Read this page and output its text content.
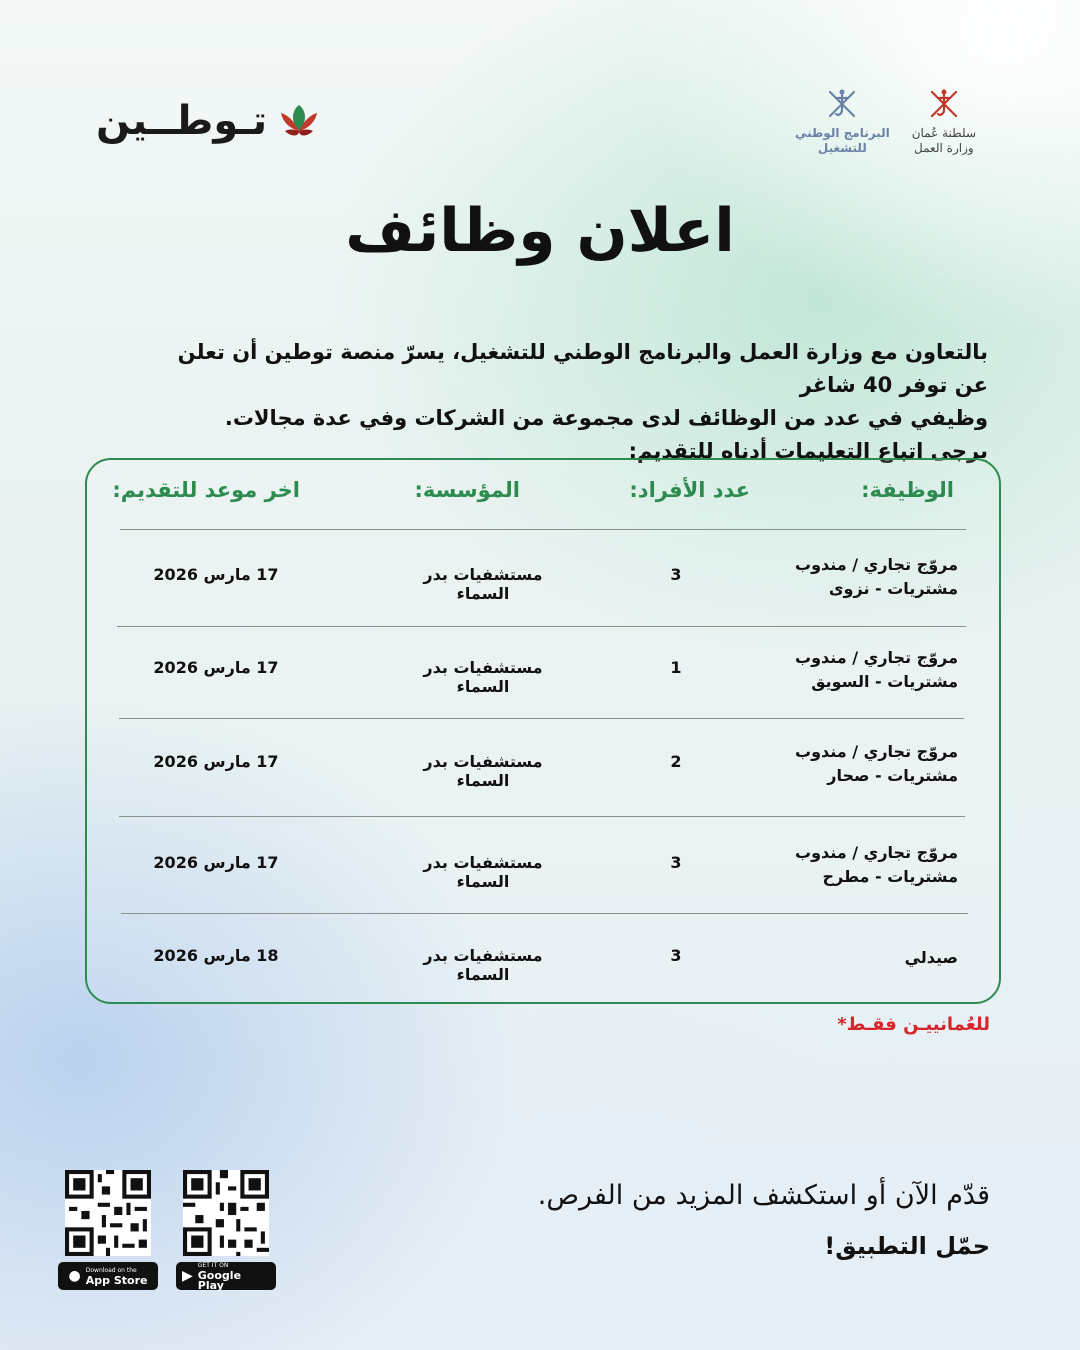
تـوطــين	سلطنة عُمان
وزارة العمل
البرنامج الوطني
للتشغيل
اعلان وظائف
بالتعاون مع وزارة العمل والبرنامج الوطني للتشغيل، يسرّ منصة توطين أن تعلن عن توفر 40 شاغر
وظيفي في عدد من الوظائف لدى مجموعة من الشركات وفي عدة مجالات.
يرجى اتباع التعليمات أدناه للتقديم:
الوظيفة:
عدد الأفراد:
المؤسسة:
اخر موعد للتقديم:
مروّج تجاري / مندوب
مشتريات - نزوى
3
مستشفيات بدر السماء
17 مارس 2026
مروّج تجاري / مندوب
مشتريات - السويق
1
مستشفيات بدر السماء
17 مارس 2026
مروّج تجاري / مندوب
مشتريات - صحار
2
مستشفيات بدر السماء
17 مارس 2026
مروّج تجاري / مندوب
مشتريات - مطرح
3
مستشفيات بدر السماء
17 مارس 2026
صيدلي
3
مستشفيات بدر السماء
18 مارس 2026
للعُمانييـن فقـط*
قدّم الآن أو استكشف المزيد من الفرص.
حمّل التطبيق!
● Download on the
App Store ▶
GET IT ON
Google Play
